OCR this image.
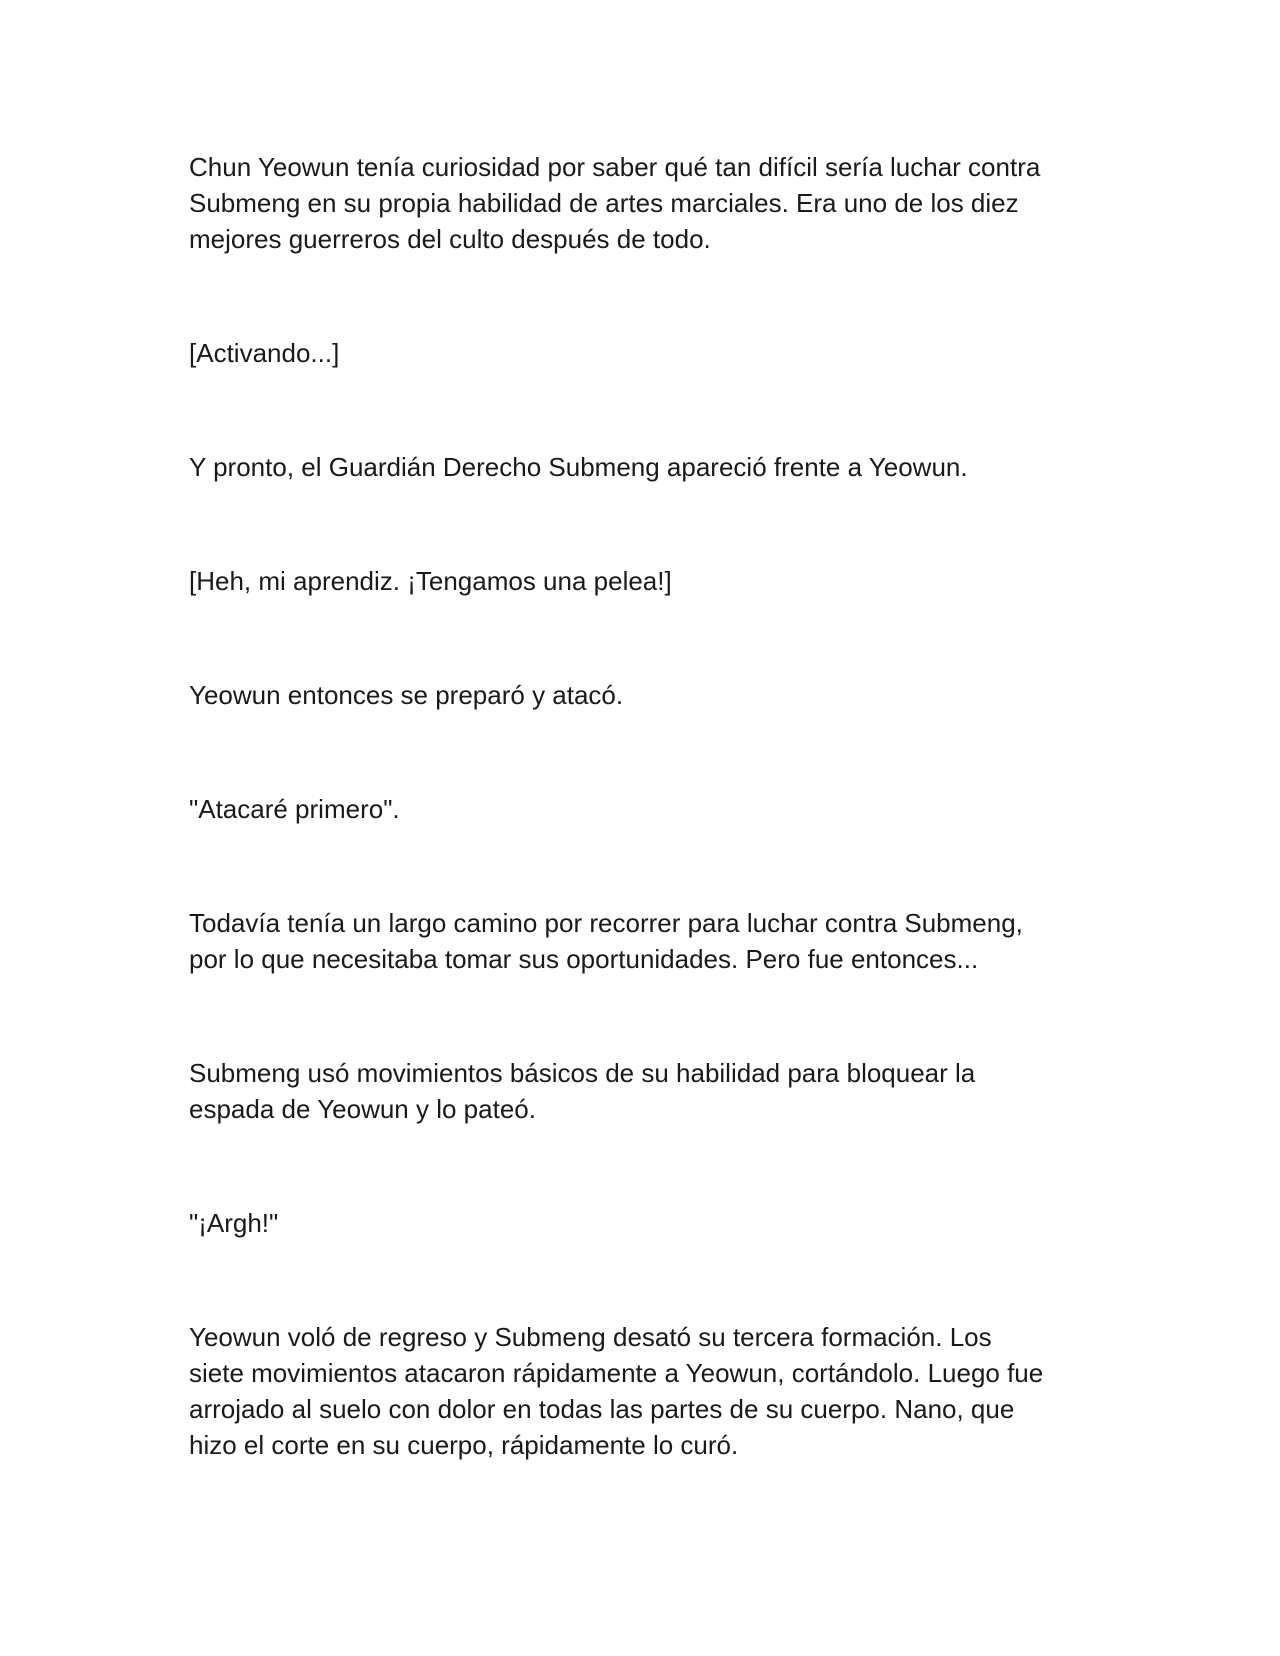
Chun Yeowun tenía curiosidad por saber qué tan difícil sería luchar contra
Submeng en su propia habilidad de artes marciales. Era uno de los diez
mejores guerreros del culto después de todo.

[Activando...]

Y pronto, el Guardián Derecho Submeng apareció frente a Yeowun.

[Heh, mi aprendiz. ¡Tengamos una pelea!]

Yeowun entonces se preparó y atacó.

"Atacaré primero".

Todavía tenía un largo camino por recorrer para luchar contra Submeng,
por lo que necesitaba tomar sus oportunidades. Pero fue entonces...

Submeng usó movimientos básicos de su habilidad para bloquear la
espada de Yeowun y lo pateó.

"¡Argh!"

Yeowun voló de regreso y Submeng desató su tercera formación. Los
siete movimientos atacaron rápidamente a Yeowun, cortándolo. Luego fue
arrojado al suelo con dolor en todas las partes de su cuerpo. Nano, que
hizo el corte en su cuerpo, rápidamente lo curó.
